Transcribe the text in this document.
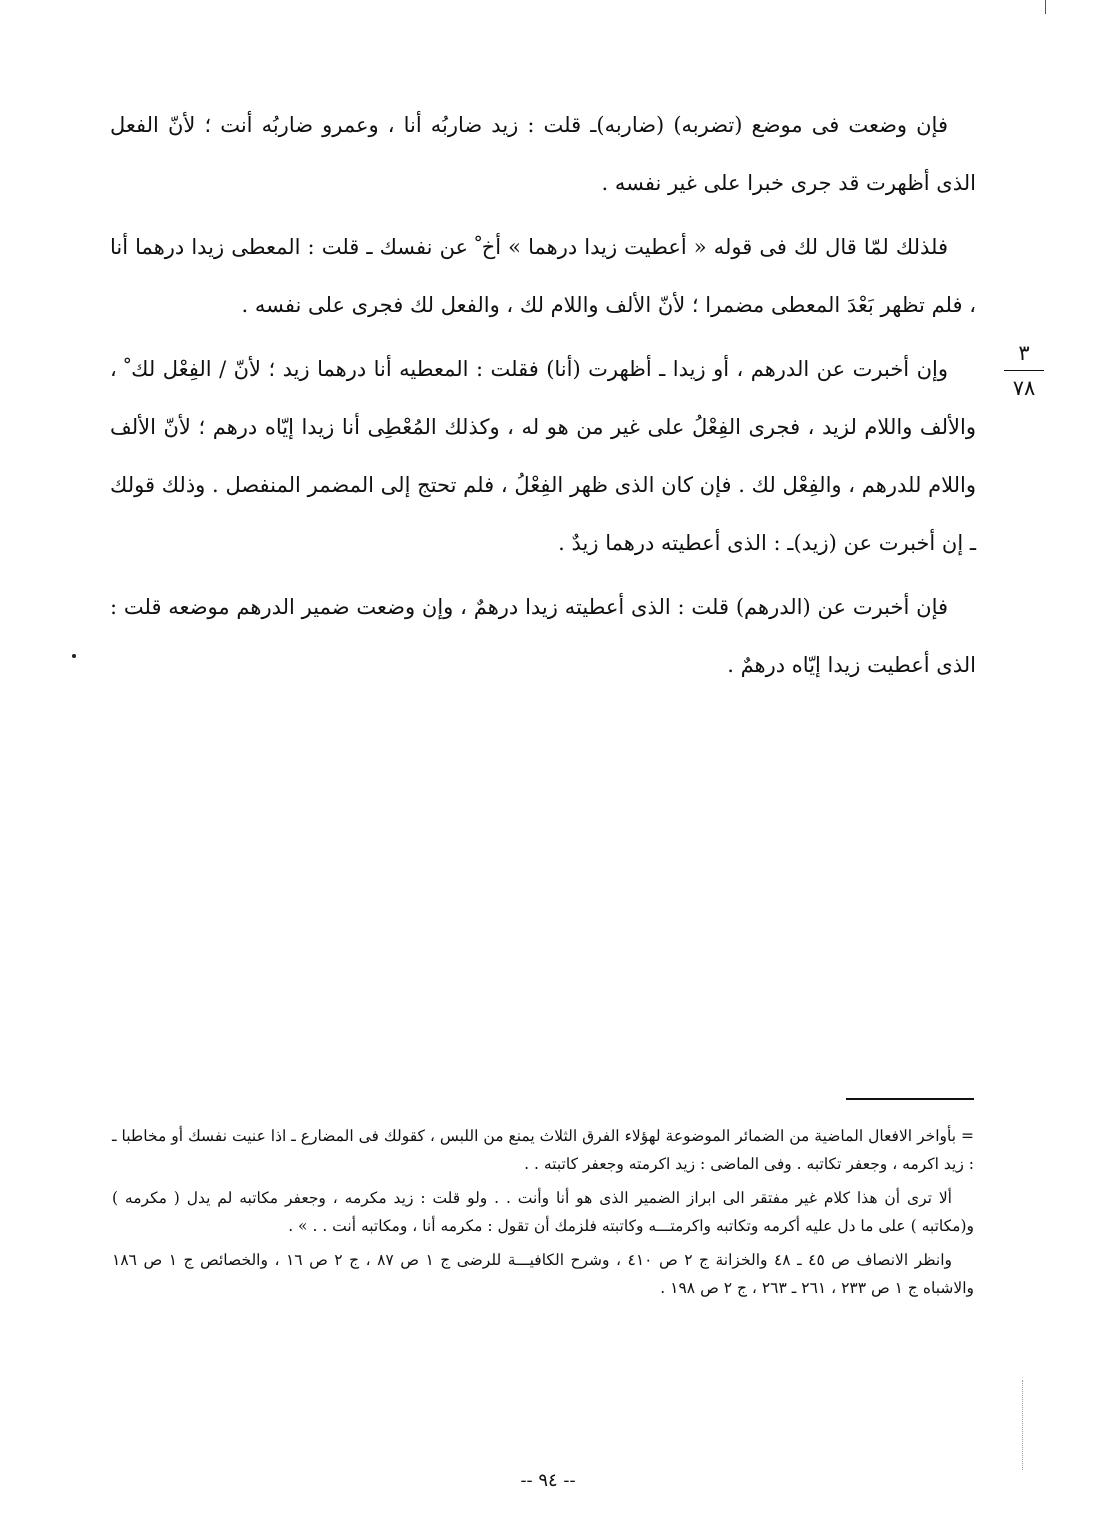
فإن وضعت فى موضع (تضربه) (ضاربه)ـ قلت : زيد ضاربُه أنا ، وعمرو ضاربُه أنت ؛ لأنّ الفعل الذى أظهرت قد جرى خبرا على غير نفسه .

فلذلك لمّا قال لك فى قوله « أعطيت زيدا درهما » أخ ْ عن نفسك ـ قلت : المعطى زيدا درهما أنا ، فلم تظهر بَعْدَ المعطى مضمرا ؛ لأنّ الألف واللام لك ، والفعل لك فجرى على نفسه .

وإن أخبرت عن الدرهم ، أو زيدا ـ أظهرت (أنا) فقلت : المعطيه أنا درهما زيد ؛ لأنّ / الفِعْل لك ْ ، والألف واللام لزيد ، فجرى الفِعْلُ على غير من هو له ، وكذلك المُعْطِى أنا زيدا إيّاه درهم ؛ لأنّ الألف واللام للدرهم ، والفِعْل لك . فإن كان الذى ظهر الفِعْلُ ، فلم تحتج إلى المضمر المنفصل . وذلك قولك ـ إن أخبرت عن (زيد)ـ : الذى أعطيته درهما زيدٌ .

فإن أخبرت عن (الدرهم) قلت : الذى أعطيته زيدا درهمٌ ، وإن وضعت ضمير الدرهم موضعه قلت : الذى أعطيت زيدا إيّاه درهمٌ .

٣
٧٨

= بأواخر الافعال الماضية من الضمائر الموضوعة لهؤلاء الفرق الثلاث يمنع من اللبس ، كقولك فى المضارع ـ اذا عنيت نفسك أو مخاطبا ـ : زيد اكرمه ، وجعفر تكاتبه . وفى الماضى : زيد اكرمته وجعفر كاتبته . .

ألا ترى أن هذا كلام غير مفتقر الى ابراز الضمير الذى هو أنا وأنت . . ولو قلت : زيد مكرمه ، وجعفر مكاتبه لم يدل ( مكرمه ) و(مكاتبه ) على ما دل عليه أكرمه وتكاتبه واكرمتـــه وكاتبته فلزمك أن تقول : مكرمه أنا ، ومكاتبه أنت . . » .

وانظر الانصاف ص ٤٥ ـ ٤٨ والخزانة ج ٢ ص ٤١٠ ، وشرح الكافيـــة للرضى ج ١ ص ٨٧ ، ج ٢ ص ١٦ ، والخصائص ج ١ ص ١٨٦ والاشباه ج ١ ص ٢٣٣ ، ٢٦١ ـ ٢٦٣ ، ج ٢ ص ١٩٨ .

-- ٩٤ --
